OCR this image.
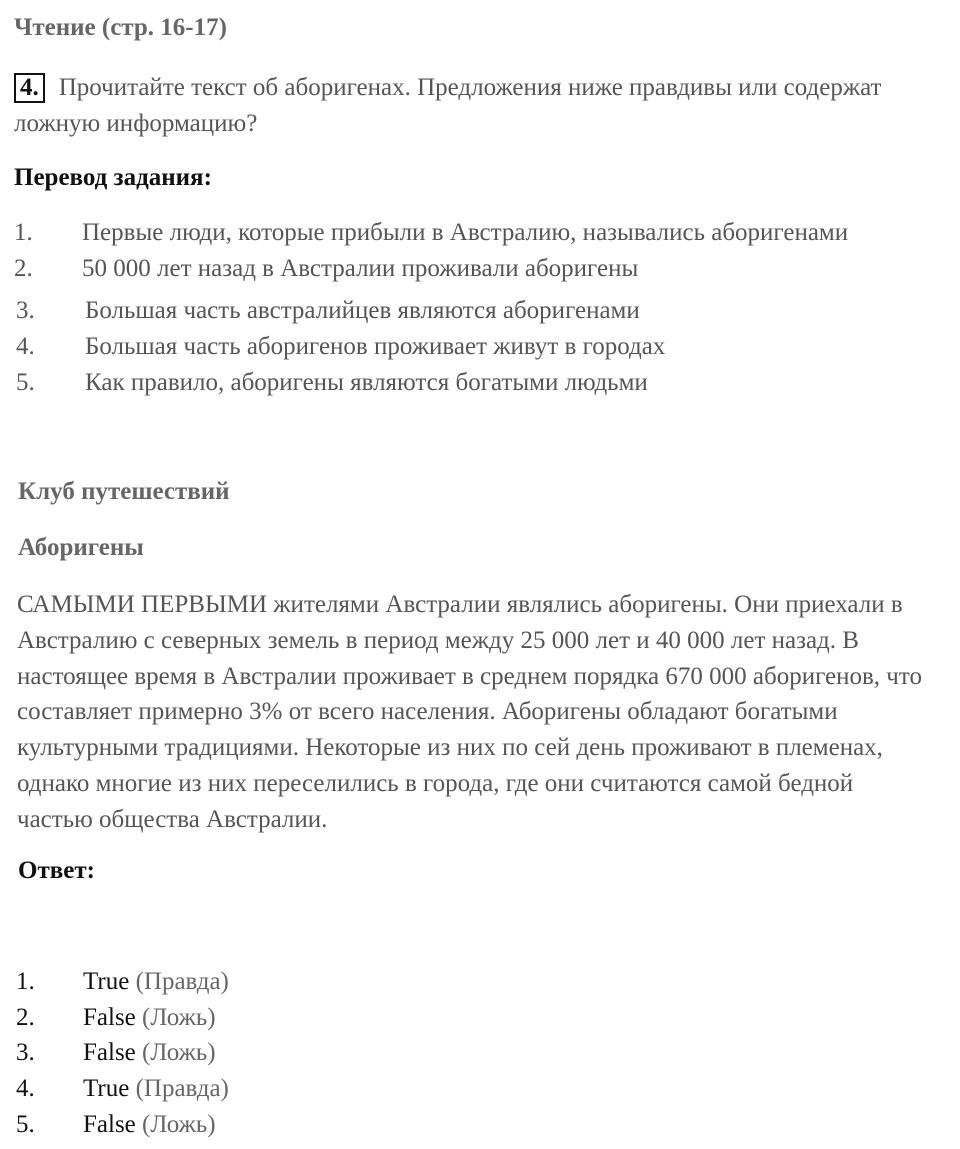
Чтение (стр. 16-17)
4. Прочитайте текст об аборигенах. Предложения ниже правдивы или содержат ложную информацию?
Перевод задания:
1. Первые люди, которые прибыли в Австралию, назывались аборигенами
2. 50 000 лет назад в Австралии проживали аборигены
3. Большая часть австралийцев являются аборигенами
4. Большая часть аборигенов проживает живут в городах
5. Как правило, аборигены являются богатыми людьми
Клуб путешествий
Аборигены
САМЫМИ ПЕРВЫМИ жителями Австралии являлись аборигены. Они приехали в Австралию с северных земель в период между 25 000 лет и 40 000 лет назад. В настоящее время в Австралии проживает в среднем порядка 670 000 аборигенов, что составляет примерно 3% от всего населения. Аборигены обладают богатыми культурными традициями. Некоторые из них по сей день проживают в племенах, однако многие из них переселились в города, где они считаются самой бедной частью общества Австралии.
Ответ:
1. True (Правда)
2. False (Ложь)
3. False (Ложь)
4. True (Правда)
5. False (Ложь)
